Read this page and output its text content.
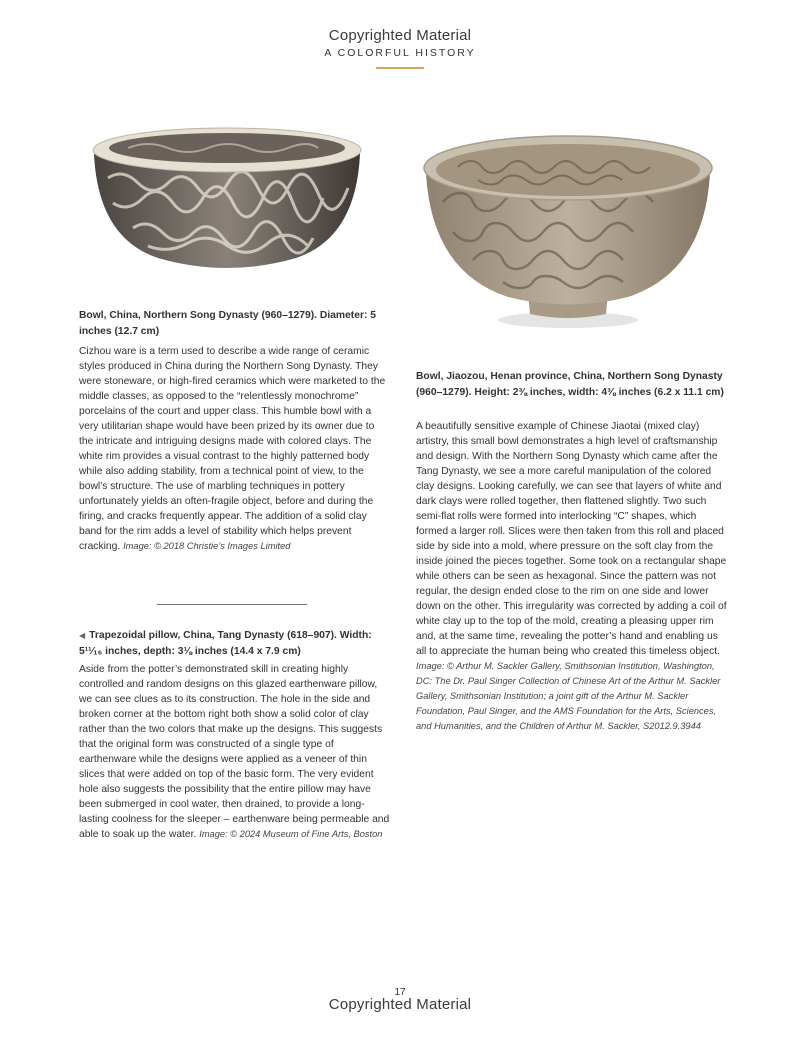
Copyrighted Material
A COLORFUL HISTORY
Bowl, China, Northern Song Dynasty (960–1279). Diameter: 5 inches (12.7 cm)
Cizhou ware is a term used to describe a wide range of ceramic styles produced in China during the Northern Song Dynasty. They were stoneware, or high-fired ceramics which were marketed to the middle classes, as opposed to the “relentlessly monochrome” porcelains of the court and upper class. This humble bowl with a very utilitarian shape would have been prized by its owner due to the intricate and intriguing designs made with colored clays. The white rim provides a visual contrast to the highly patterned body while also adding stability, from a technical point of view, to the bowl’s structure. The use of marbling techniques in pottery unfortunately yields an often-fragile object, before and during the firing, and cracks frequently appear. The addition of a solid clay band for the rim adds a level of stability which helps prevent cracking. Image: © 2018 Christie’s Images Limited
◀ Trapezoidal pillow, China, Tang Dynasty (618–907). Width: 5¹¹⁄₁₆ inches, depth: 3⅛ inches (14.4 x 7.9 cm)
Aside from the potter’s demonstrated skill in creating highly controlled and random designs on this glazed earthenware pillow, we can see clues as to its construction. The hole in the side and broken corner at the bottom right both show a solid color of clay rather than the two colors that make up the designs. This suggests that the original form was constructed of a single type of earthenware while the designs were applied as a veneer of thin slices that were added on top of the basic form. The very evident hole also suggests the possibility that the entire pillow may have been submerged in cool water, then drained, to provide a long-lasting coolness for the sleeper – earthenware being permeable and able to soak up the water. Image: © 2024 Museum of Fine Arts, Boston
Bowl, Jiaozou, Henan province, China, Northern Song Dynasty (960–1279). Height: 2⅜ inches, width: 4⅜ inches (6.2 x 11.1 cm)
A beautifully sensitive example of Chinese Jiaotai (mixed clay) artistry, this small bowl demonstrates a high level of craftsmanship and design. With the Northern Song Dynasty which came after the Tang Dynasty, we see a more careful manipulation of the colored clay designs. Looking carefully, we can see that layers of white and dark clays were rolled together, then flattened slightly. Two such semi-flat rolls were formed into interlocking “C” shapes, which formed a larger roll. Slices were then taken from this roll and placed side by side into a mold, where pressure on the soft clay from the inside joined the pieces together. Some took on a rectangular shape while others can be seen as hexagonal. Since the pattern was not regular, the design ended close to the rim on one side and lower down on the other. This irregularity was corrected by adding a coil of white clay up to the top of the mold, creating a pleasing upper rim and, at the same time, revealing the potter’s hand and enabling us all to appreciate the human being who created this timeless object. Image: © Arthur M. Sackler Gallery, Smithsonian Institution, Washington, DC: The Dr. Paul Singer Collection of Chinese Art of the Arthur M. Sackler Gallery, Smithsonian Institution; a joint gift of the Arthur M. Sackler Foundation, Paul Singer, and the AMS Foundation for the Arts, Sciences, and Humanities, and the Children of Arthur M. Sackler, S2012.9.3944
17
Copyrighted Material
